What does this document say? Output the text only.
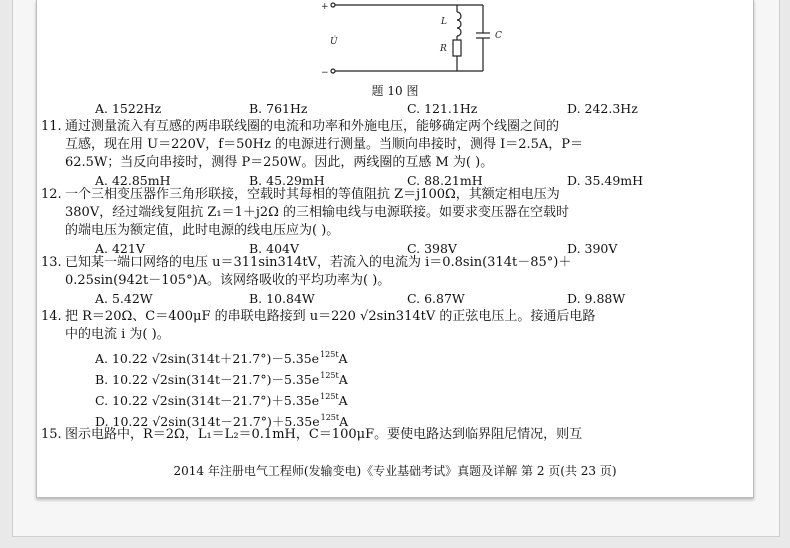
+
−
U̇
L
R
C
题 10 图
A. 1522Hz	B. 761Hz	C. 121.1Hz	D. 242.3Hz
11. 通过测量流入有互感的两串联线圈的电流和功率和外施电压，能够确定两个线圈之间的
互感，现在用 U＝220V，f＝50Hz 的电源进行测量。当顺向串接时，测得 I＝2.5A，P＝
62.5W；当反向串接时，测得 P＝250W。因此，两线圈的互感 M 为( )。
A. 42.85mH	B. 45.29mH	C. 88.21mH	D. 35.49mH
12. 一个三相变压器作三角形联接，空载时其每相的等值阻抗 Z＝j100Ω，其额定相电压为
380V，经过端线复阻抗 Z₁＝1＋j2Ω 的三相输电线与电源联接。如要求变压器在空载时
的端电压为额定值，此时电源的线电压应为( )。
A. 421V	B. 404V	C. 398V	D. 390V
13. 已知某一端口网络的电压 u＝311sin314tV，若流入的电流为 i＝0.8sin(314t－85°)＋
0.25sin(942t－105°)A。该网络吸收的平均功率为( )。
A. 5.42W	B. 10.84W	C. 6.87W	D. 9.88W
14. 把 R＝20Ω、C＝400μF 的串联电路接到 u＝220 √2sin314tV 的正弦电压上。接通后电路
中的电流 i 为( )。
A. 10.22 $√2\sin(314t+21.7^\circ)-5.35e^{125t}A$
B. 10.22 $√2\sin(314t-21.7^\circ)-5.35e^{125t}A$
C. 10.22 $√2\sin(314t-21.7^\circ)+5.35e^{125t}A$
D. 10.22 $√2\sin(314t-21.7^\circ)+5.35e^{125t}A$
15. 图示电路中，R＝2Ω，L₁＝L₂＝0.1mH，C＝100μF。要使电路达到临界阻尼情况，则互
2014 年注册电气工程师(发输变电)《专业基础考试》真题及详解 第 2 页(共 23 页)
